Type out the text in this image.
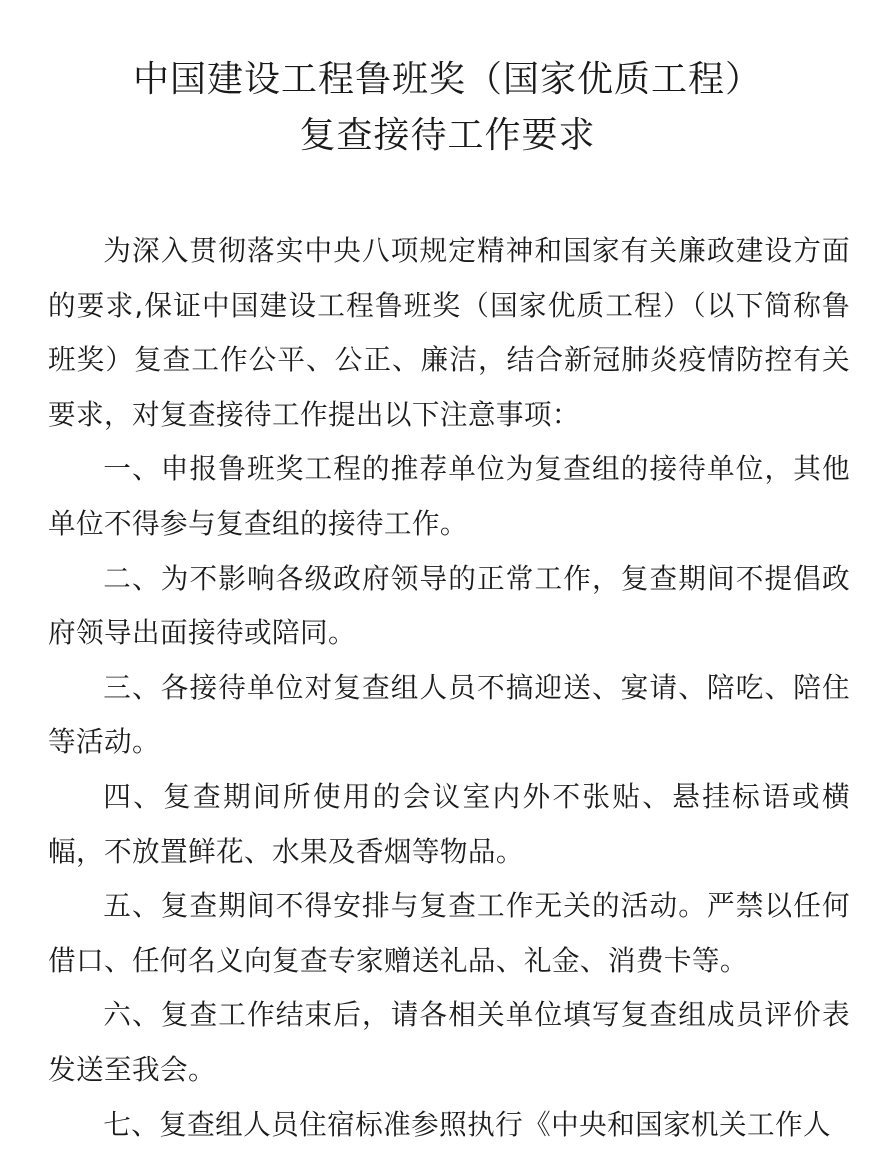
中国建设工程鲁班奖（国家优质工程）
复查接待工作要求

为深入贯彻落实中央八项规定精神和国家有关廉政建设方面的要求,保证中国建设工程鲁班奖（国家优质工程）（以下简称鲁班奖）复查工作公平、公正、廉洁，结合新冠肺炎疫情防控有关要求，对复查接待工作提出以下注意事项：

一、申报鲁班奖工程的推荐单位为复查组的接待单位，其他单位不得参与复查组的接待工作。

二、为不影响各级政府领导的正常工作，复查期间不提倡政府领导出面接待或陪同。

三、各接待单位对复查组人员不搞迎送、宴请、陪吃、陪住等活动。

四、复查期间所使用的会议室内外不张贴、悬挂标语或横幅，不放置鲜花、水果及香烟等物品。

五、复查期间不得安排与复查工作无关的活动。严禁以任何借口、任何名义向复查专家赠送礼品、礼金、消费卡等。

六、复查工作结束后，请各相关单位填写复查组成员评价表发送至我会。

七、复查组人员住宿标准参照执行《中央和国家机关工作人
